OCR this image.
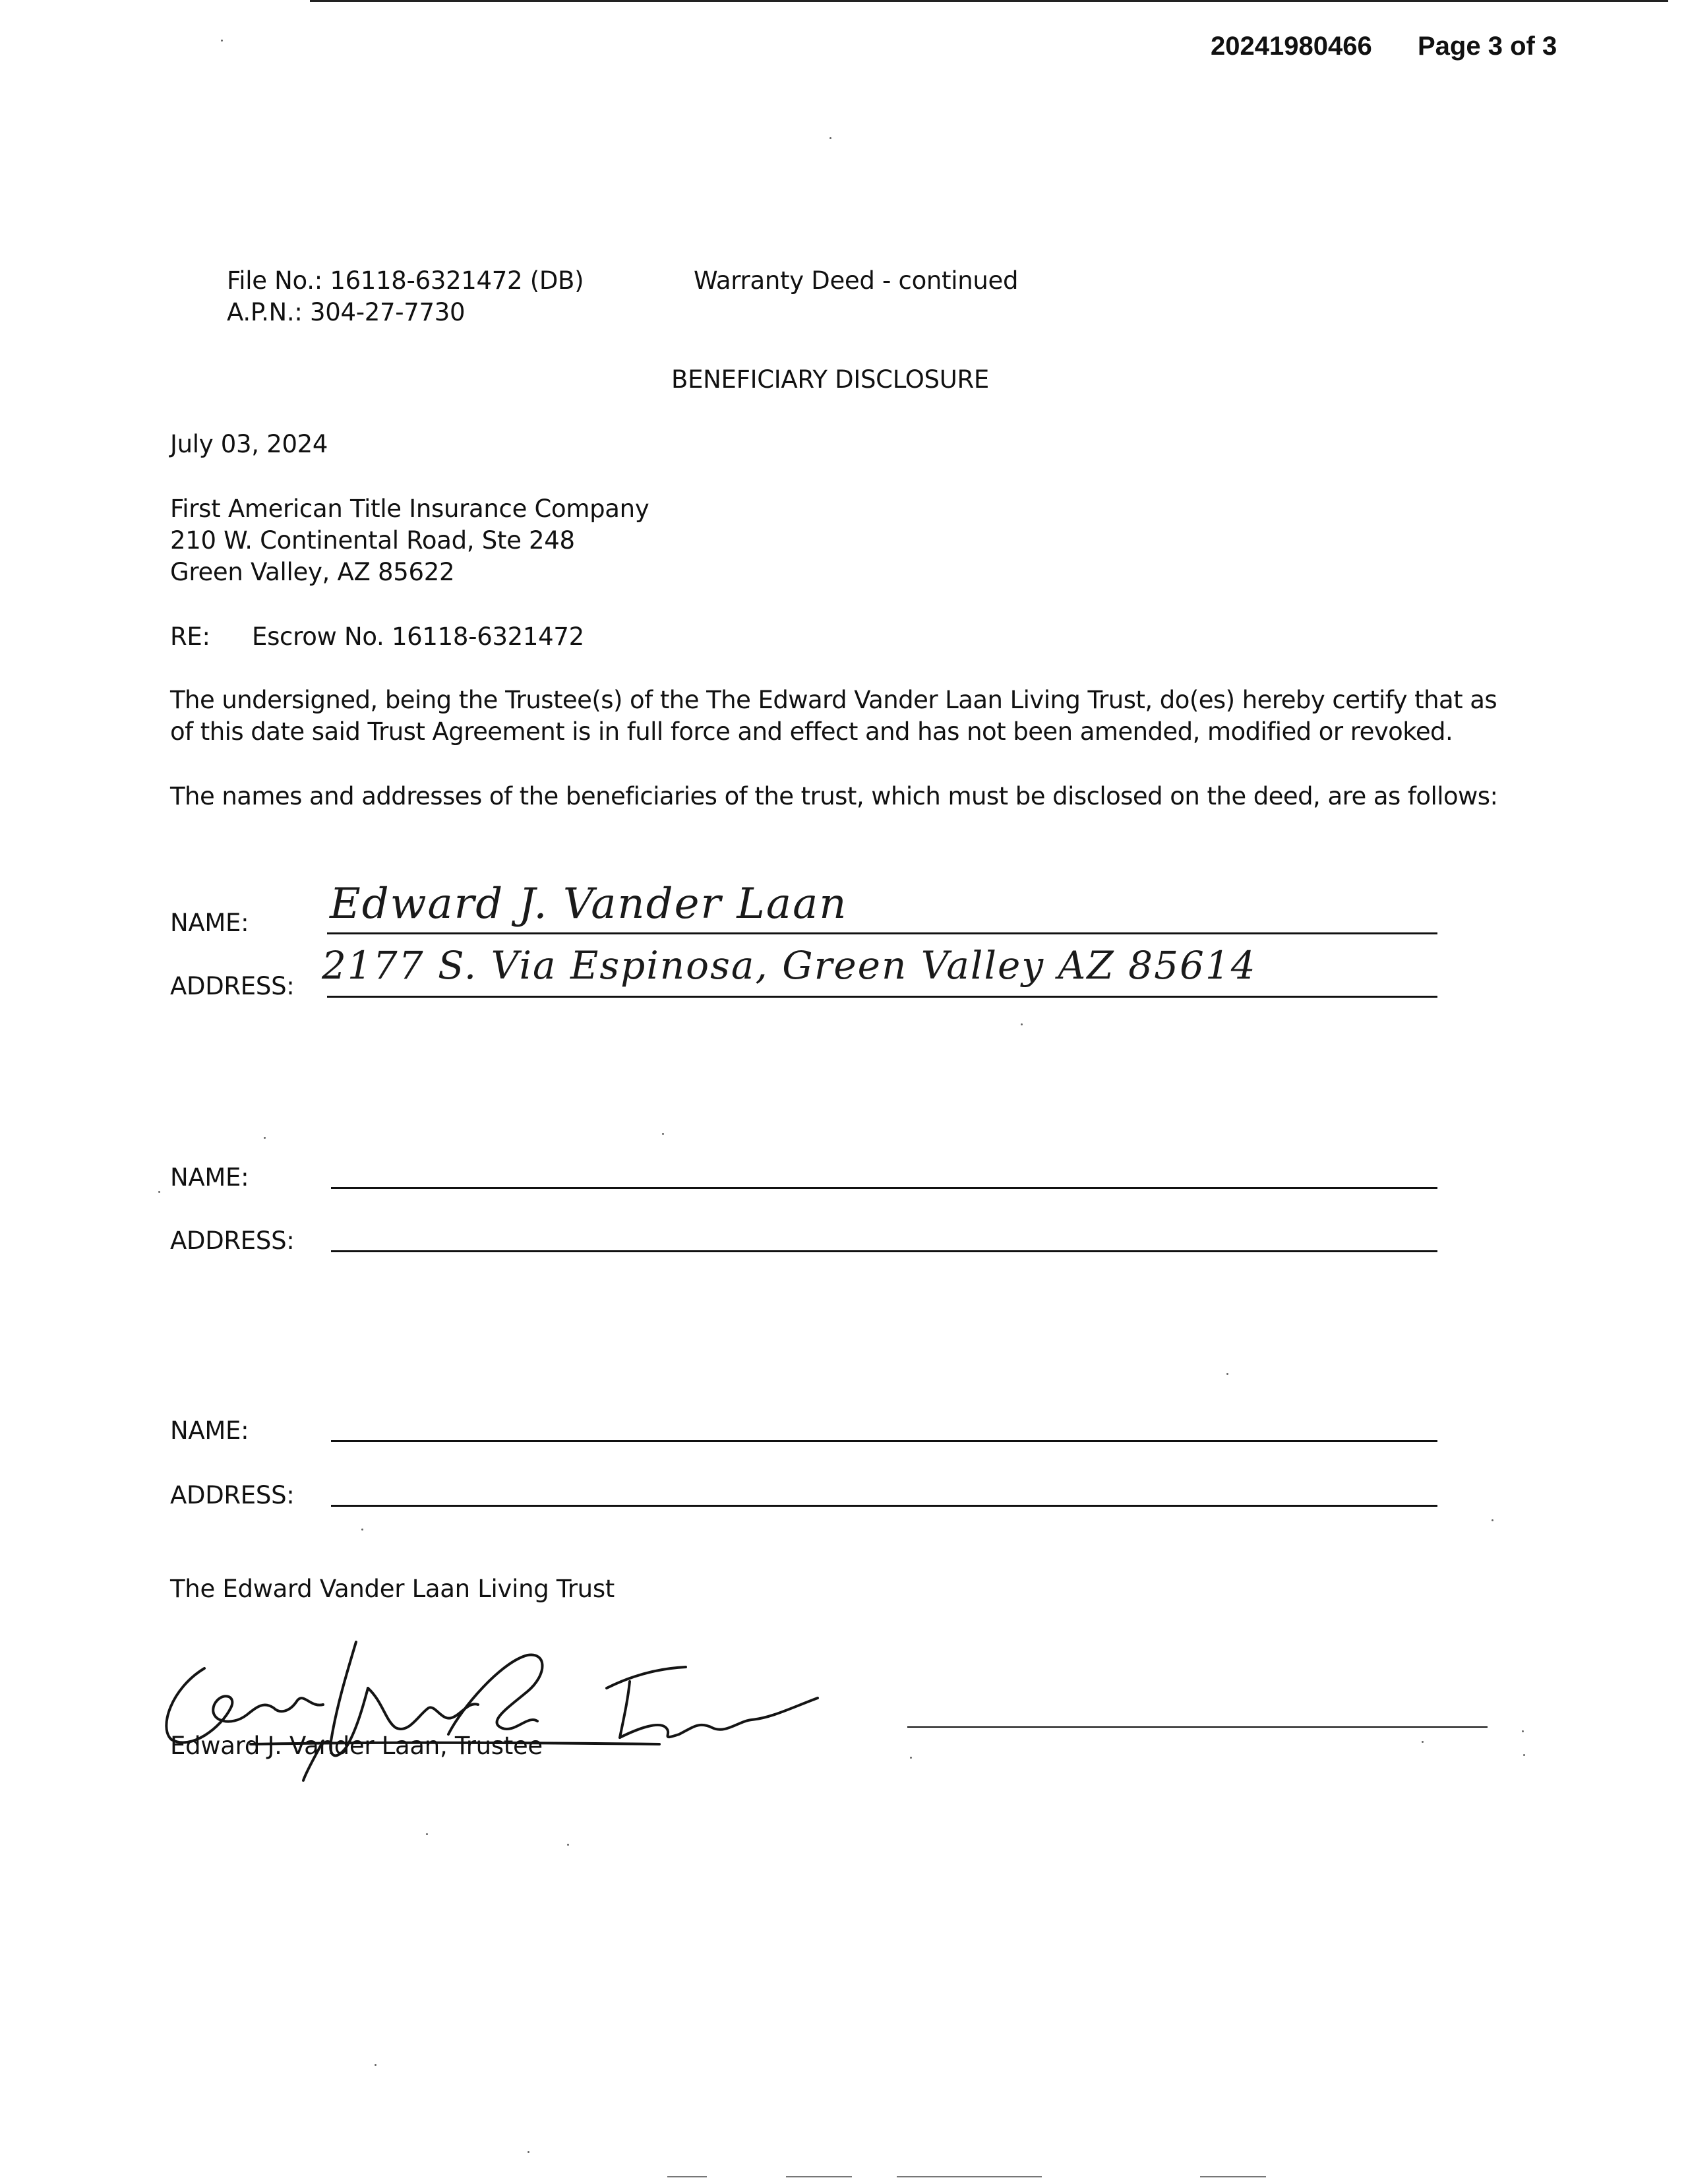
20241980466 Page 3 of 3
File No.: 16118-6321472 (DB)
A.P.N.: 304-27-7730
Warranty Deed - continued
BENEFICIARY DISCLOSURE
July 03, 2024
First American Title Insurance Company
210 W. Continental Road, Ste 248
Green Valley, AZ 85622
RE: Escrow No. 16118-6321472
The undersigned, being the Trustee(s) of the The Edward Vander Laan Living Trust, do(es) hereby certify that as
of this date said Trust Agreement is in full force and effect and has not been amended, modified or revoked.
The names and addresses of the beneficiaries of the trust, which must be disclosed on the deed, are as follows:
NAME: Edward J. Vander Laan
ADDRESS: 2177 S. Via Espinosa, Green Valley AZ 85614
NAME:
ADDRESS:
NAME:
ADDRESS:
The Edward Vander Laan Living Trust
Edward J. Vander Laan, Trustee
